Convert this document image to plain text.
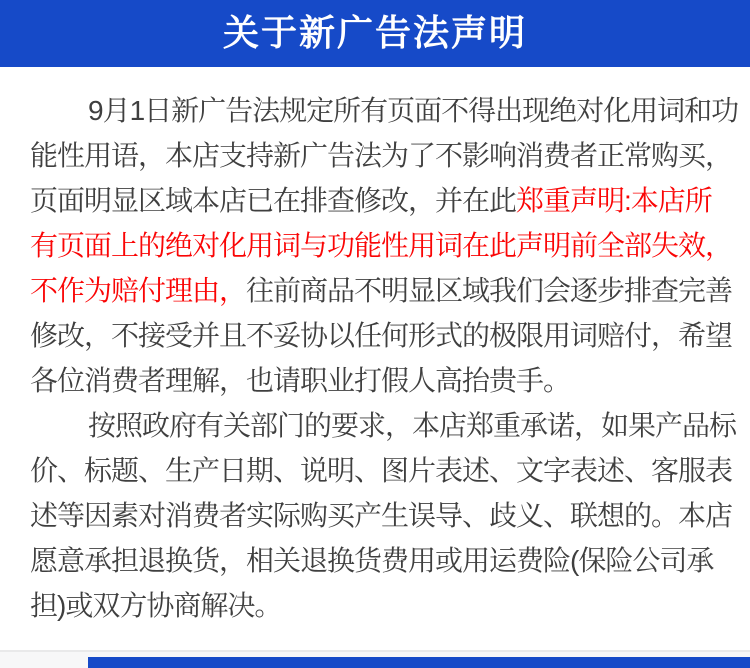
关于新广告法声明
9月1日新广告法规定所有页面不得出现绝对化用词和功
能性用语，本店支持新广告法为了不影响消费者正常购买，
页面明显区域本店已在排查修改，并在此郑重声明:本店所
有页面上的绝对化用词与功能性用词在此声明前全部失效，
不作为赔付理由，往前商品不明显区域我们会逐步排查完善
修改，不接受并且不妥协以任何形式的极限用词赔付，希望
各位消费者理解，也请职业打假人高抬贵手。
按照政府有关部门的要求，本店郑重承诺，如果产品标
价、标题、生产日期、说明、图片表述、文字表述、客服表
述等因素对消费者实际购买产生误导、歧义、联想的。本店
愿意承担退换货，相关退换货费用或用运费险(保险公司承
担)或双方协商解决。
